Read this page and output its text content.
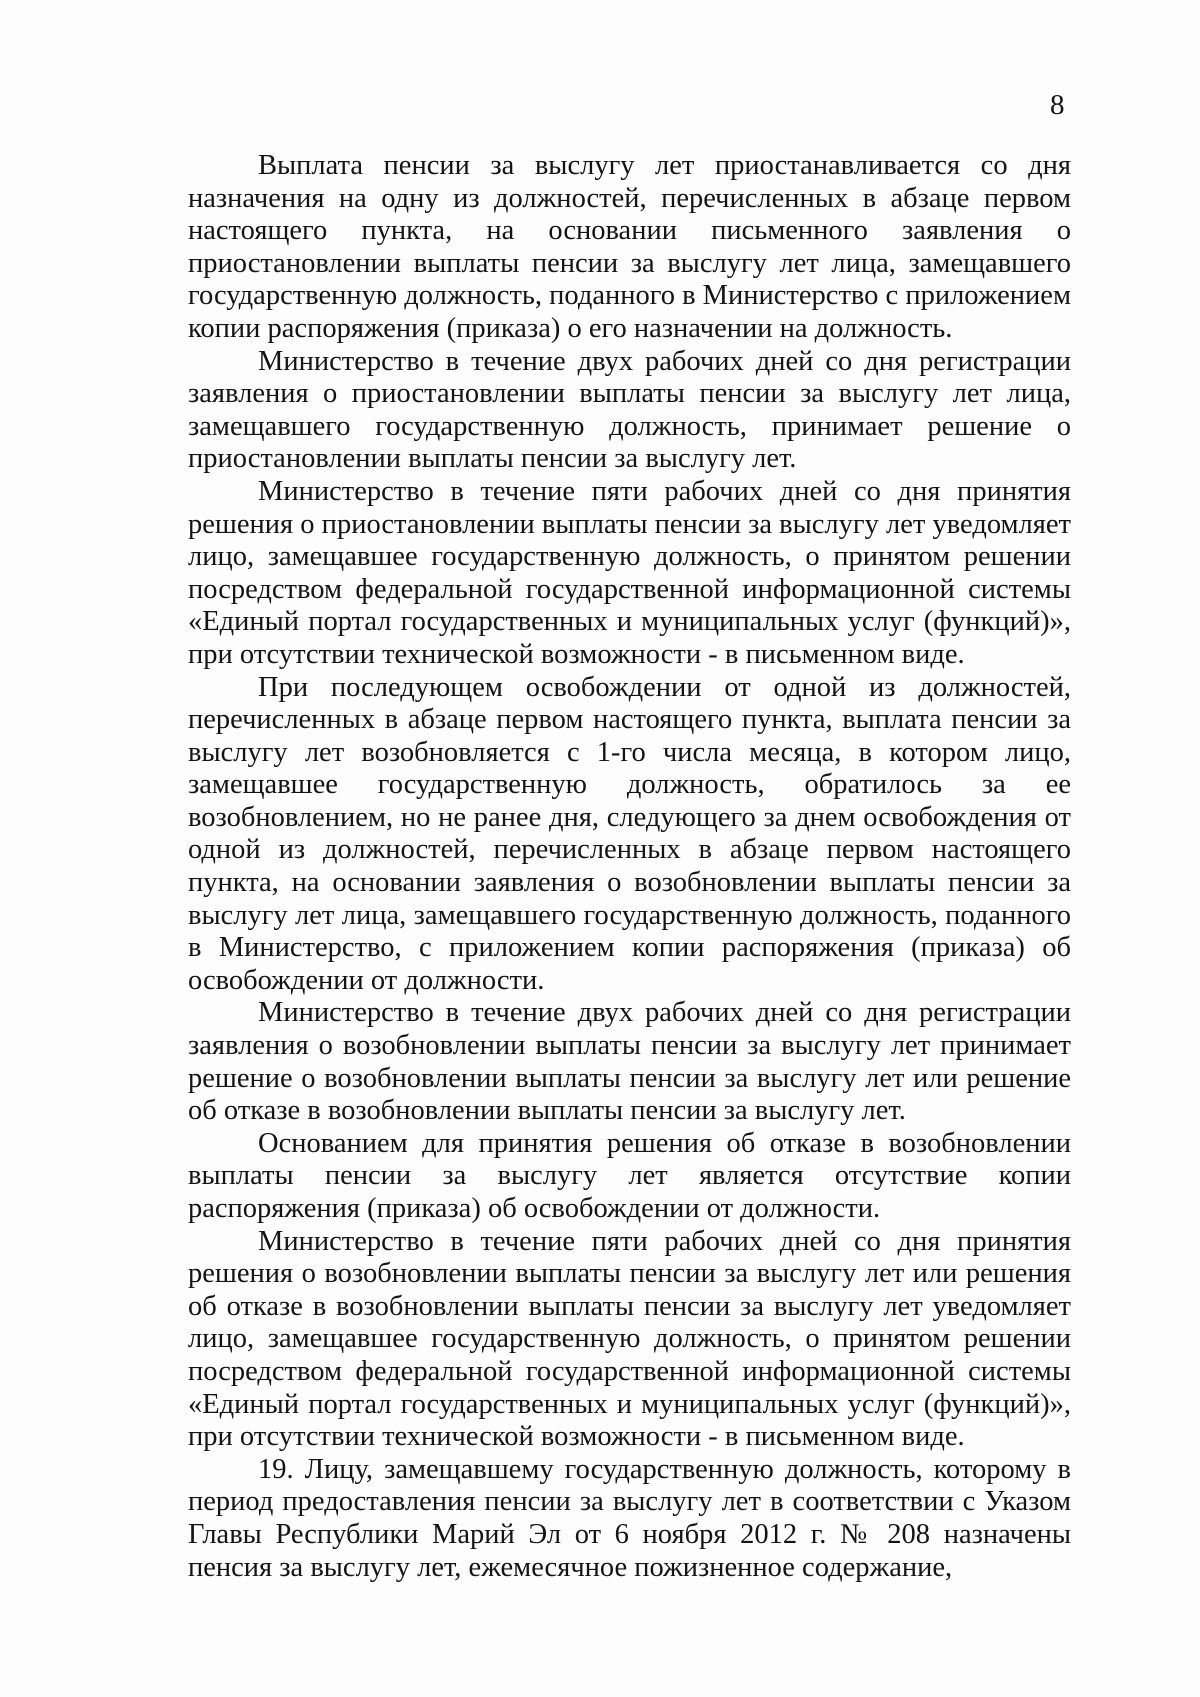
8

Выплата пенсии за выслугу лет приостанавливается со дня назначения на одну из должностей, перечисленных в абзаце первом настоящего пункта, на основании письменного заявления о приостановлении выплаты пенсии за выслугу лет лица, замещавшего государственную должность, поданного в Министерство с приложением копии распоряжения (приказа) о его назначении на должность.

Министерство в течение двух рабочих дней со дня регистрации заявления о приостановлении выплаты пенсии за выслугу лет лица, замещавшего государственную должность, принимает решение о приостановлении выплаты пенсии за выслугу лет.

Министерство в течение пяти рабочих дней со дня принятия решения о приостановлении выплаты пенсии за выслугу лет уведомляет лицо, замещавшее государственную должность, о принятом решении посредством федеральной государственной информационной системы «Единый портал государственных и муниципальных услуг (функций)», при отсутствии технической возможности - в письменном виде.

При последующем освобождении от одной из должностей, перечисленных в абзаце первом настоящего пункта, выплата пенсии за выслугу лет возобновляется с 1-го числа месяца, в котором лицо, замещавшее государственную должность, обратилось за ее возобновлением, но не ранее дня, следующего за днем освобождения от одной из должностей, перечисленных в абзаце первом настоящего пункта, на основании заявления о возобновлении выплаты пенсии за выслугу лет лица, замещавшего государственную должность, поданного в Министерство, с приложением копии распоряжения (приказа) об освобождении от должности.

Министерство в течение двух рабочих дней со дня регистрации заявления о возобновлении выплаты пенсии за выслугу лет принимает решение о возобновлении выплаты пенсии за выслугу лет или решение об отказе в возобновлении выплаты пенсии за выслугу лет.

Основанием для принятия решения об отказе в возобновлении выплаты пенсии за выслугу лет является отсутствие копии распоряжения (приказа) об освобождении от должности.

Министерство в течение пяти рабочих дней со дня принятия решения о возобновлении выплаты пенсии за выслугу лет или решения об отказе в возобновлении выплаты пенсии за выслугу лет уведомляет лицо, замещавшее государственную должность, о принятом решении посредством федеральной государственной информационной системы «Единый портал государственных и муниципальных услуг (функций)», при отсутствии технической возможности - в письменном виде.

19. Лицу, замещавшему государственную должность, которому в период предоставления пенсии за выслугу лет в соответствии с Указом Главы Республики Марий Эл от 6 ноября 2012 г. № 208 назначены пенсия за выслугу лет, ежемесячное пожизненное содержание,
